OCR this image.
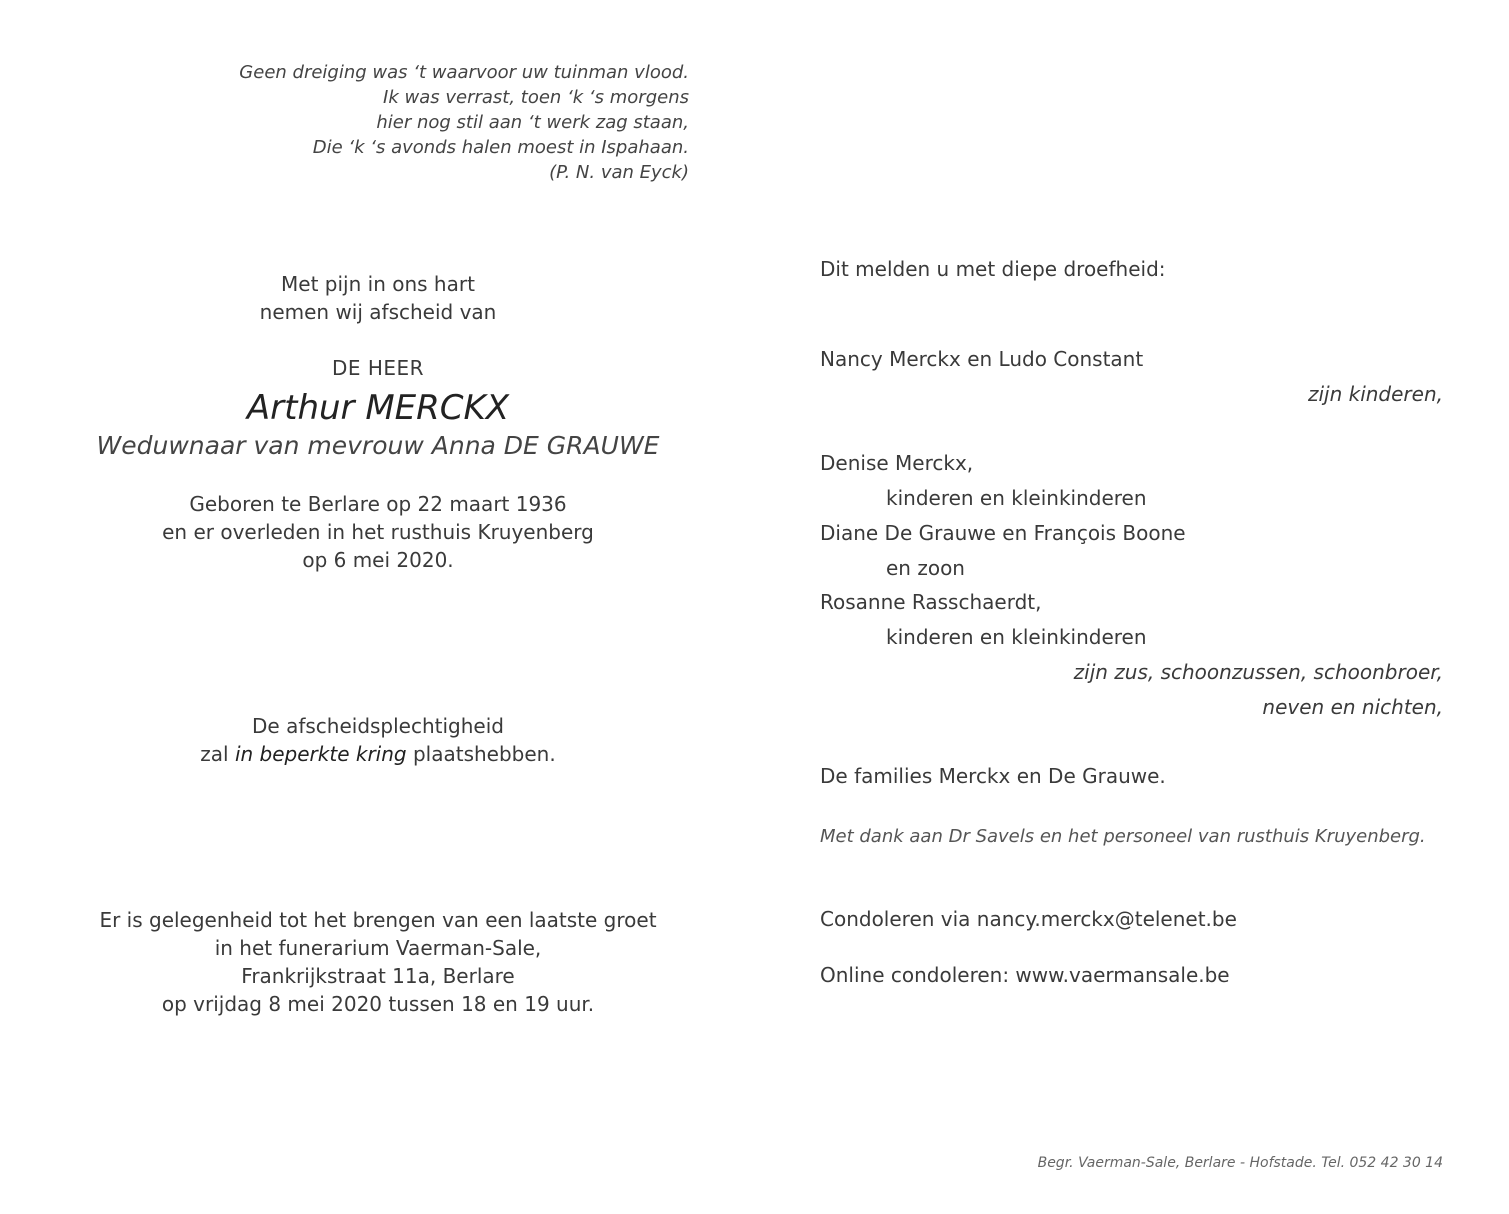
Geen dreiging was ‘t waarvoor uw tuinman vlood.
Ik was verrast, toen ‘k ‘s morgens
hier nog stil aan ‘t werk zag staan,
Die ‘k ‘s avonds halen moest in Ispahaan.
(P. N. van Eyck)
Met pijn in ons hart
nemen wij afscheid van
DE HEER
Arthur MERCKX
Weduwnaar van mevrouw Anna DE GRAUWE
Geboren te Berlare op 22 maart 1936
en er overleden in het rusthuis Kruyenberg
op 6 mei 2020.
De afscheidsplechtigheid
zal in beperkte kring plaatshebben.
Er is gelegenheid tot het brengen van een laatste groet
in het funerarium Vaerman-Sale,
Frankrijkstraat 11a, Berlare
op vrijdag 8 mei 2020 tussen 18 en 19 uur.
Dit melden u met diepe droefheid:
Nancy Merckx en Ludo Constant
zijn kinderen,
Denise Merckx,
kinderen en kleinkinderen
Diane De Grauwe en François Boone
en zoon
Rosanne Rasschaerdt,
kinderen en kleinkinderen
zijn zus, schoonzussen, schoonbroer,
neven en nichten,
De families Merckx en De Grauwe.
Met dank aan Dr Savels en het personeel van rusthuis Kruyenberg.
Condoleren via nancy.merckx@telenet.be
Online condoleren: www.vaermansale.be
Begr. Vaerman-Sale, Berlare - Hofstade. Tel. 052 42 30 14
